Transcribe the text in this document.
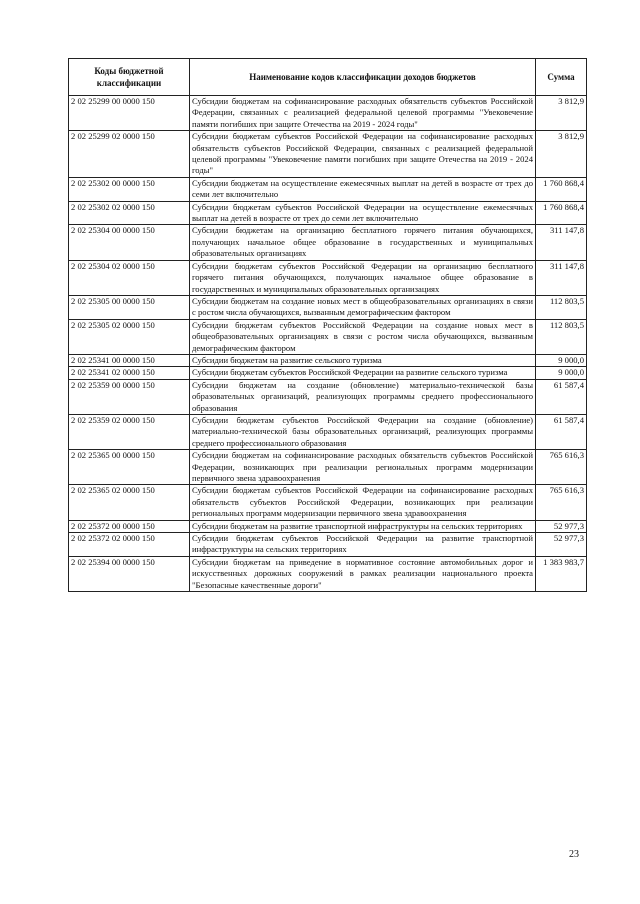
Коды бюджетной классификации	Наименование кодов классификации доходов бюджетов	Сумма
2 02 25299 00 0000 150	Субсидии бюджетам на софинансирование расходных обязательств субъектов Российской Федерации, связанных с реализацией федеральной целевой программы "Увековечение памяти погибших при защите Отечества на 2019 - 2024 годы"	3 812,9
2 02 25299 02 0000 150	Субсидии бюджетам субъектов Российской Федерации на софинансирование расходных обязательств субъектов Российской Федерации, связанных с реализацией федеральной целевой программы "Увековечение памяти погибших при защите Отечества на 2019 - 2024 годы"	3 812,9
2 02 25302 00 0000 150	Субсидии бюджетам на осуществление ежемесячных выплат на детей в возрасте от трех до семи лет включительно	1 760 868,4
2 02 25302 02 0000 150	Субсидии бюджетам субъектов Российской Федерации на осуществление ежемесячных выплат на детей в возрасте от трех до семи лет включительно	1 760 868,4
2 02 25304 00 0000 150	Субсидии бюджетам на организацию бесплатного горячего питания обучающихся, получающих начальное общее образование в государственных и муниципальных образовательных организациях	311 147,8
2 02 25304 02 0000 150	Субсидии бюджетам субъектов Российской Федерации на организацию бесплатного горячего питания обучающихся, получающих начальное общее образование в государственных и муниципальных образовательных организациях	311 147,8
2 02 25305 00 0000 150	Субсидии бюджетам на создание новых мест в общеобразовательных организациях в связи с ростом числа обучающихся, вызванным демографическим фактором	112 803,5
2 02 25305 02 0000 150	Субсидии бюджетам субъектов Российской Федерации на создание новых мест в общеобразовательных организациях в связи с ростом числа обучающихся, вызванным демографическим фактором	112 803,5
2 02 25341 00 0000 150	Субсидии бюджетам на развитие сельского туризма	9 000,0
2 02 25341 02 0000 150	Субсидии бюджетам субъектов Российской Федерации на развитие сельского туризма	9 000,0
2 02 25359 00 0000 150	Субсидии бюджетам на создание (обновление) материально-технической базы образовательных организаций, реализующих программы среднего профессионального образования	61 587,4
2 02 25359 02 0000 150	Субсидии бюджетам субъектов Российской Федерации на создание (обновление) материально-технической базы образовательных организаций, реализующих программы среднего профессионального образования	61 587,4
2 02 25365 00 0000 150	Субсидии бюджетам на софинансирование расходных обязательств субъектов Российской Федерации, возникающих при реализации региональных программ модернизации первичного звена здравоохранения	765 616,3
2 02 25365 02 0000 150	Субсидии бюджетам субъектов Российской Федерации на софинансирование расходных обязательств субъектов Российской Федерации, возникающих при реализации региональных программ модернизации первичного звена здравоохранения	765 616,3
2 02 25372 00 0000 150	Субсидии бюджетам на развитие транспортной инфраструктуры на сельских территориях	52 977,3
2 02 25372 02 0000 150	Субсидии бюджетам субъектов Российской Федерации на развитие транспортной инфраструктуры на сельских территориях	52 977,3
2 02 25394 00 0000 150	Субсидии бюджетам на приведение в нормативное состояние автомобильных дорог и искусственных дорожных сооружений в рамках реализации национального проекта "Безопасные качественные дороги"	1 383 983,7
23
